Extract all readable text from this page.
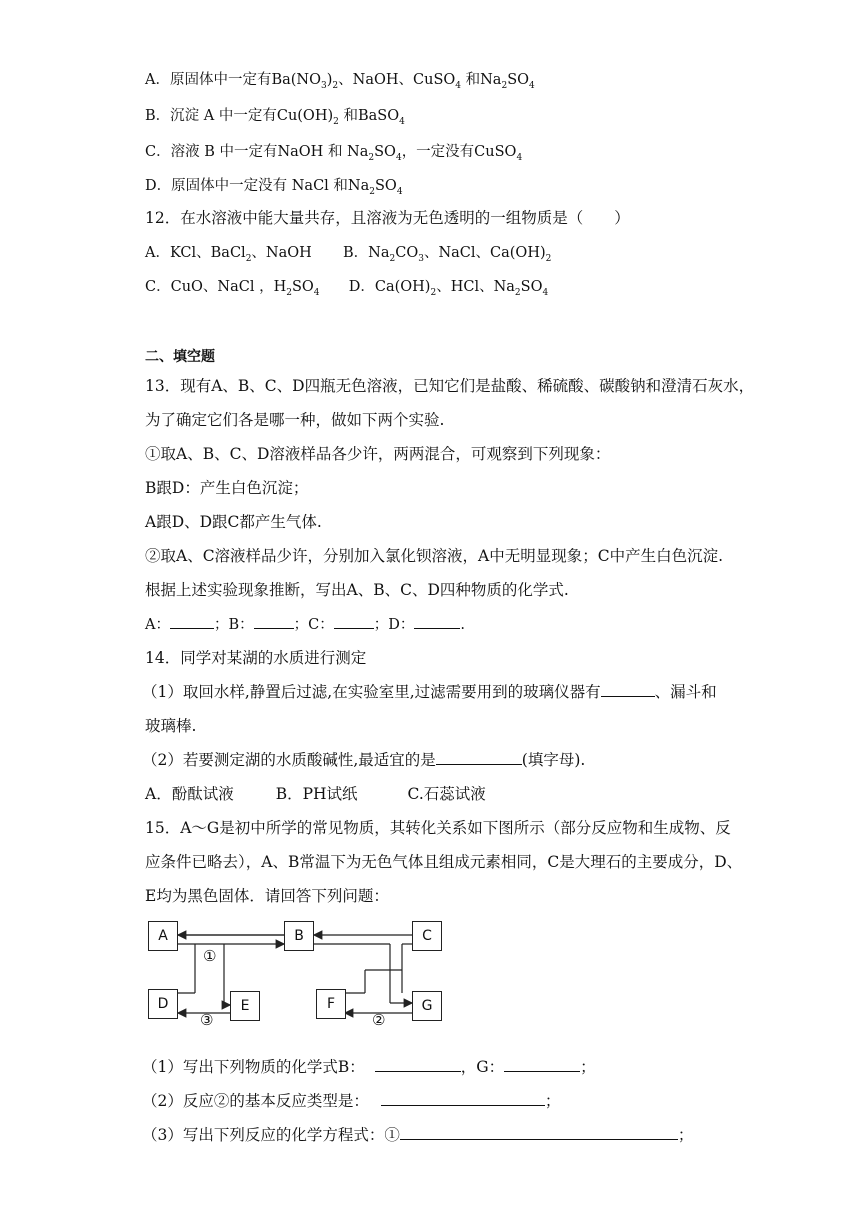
A．原固体中一定有$Ba(NO_3)_2$、NaOH、CuSO$_4$ 和$Na_2SO_4$
B．沉淀 A 中一定有$Cu(OH)_2$ 和BaSO$_4$
C．溶液 B 中一定有NaOH 和 $Na_2SO_4$，一定没有CuSO$_4$
D．原固体中一定没有 NaCl 和$Na_2SO_4$
12．在水溶液中能大量共存，且溶液为无色透明的一组物质是（　　）
A．KCl、BaCl$_2$、NaOH B．$Na_2CO_3$、NaCl、$Ca(OH)_2$
C．CuO、NaCl ，$H_2SO_4$ D．$Ca(OH)_2$、HCl、$Na_2SO_4$
二、填空题
13．现有A、B、C、D四瓶无色溶液，已知它们是盐酸、稀硫酸、碳酸钠和澄清石灰水，
为了确定它们各是哪一种，做如下两个实验.
①取A、B、C、D溶液样品各少许，两两混合，可观察到下列现象：
B跟D：产生白色沉淀；
A跟D、D跟C都产生气体.
②取A、C溶液样品少许，分别加入氯化钡溶液，A中无明显现象；C中产生白色沉淀.
根据上述实验现象推断，写出A、B、C、D四种物质的化学式.
A：	；B：	；C：	；D：	.
14．同学对某湖的水质进行测定
（1）取回水样,静置后过滤,在实验室里,过滤需要用到的玻璃仪器有	、漏斗和
玻璃棒.
（2）若要测定湖的水质酸碱性,最适宜的是	(填字母).
A．酚酞试液	B．PH试纸	C.石蕊试液
15．A～G是初中所学的常见物质，其转化关系如下图所示（部分反应物和生成物、反
应条件已略去），A、B常温下为无色气体且组成元素相同，C是大理石的主要成分，D、
E均为黑色固体．请回答下列问题：
A	B	C
D	E	F	G
①
②
③
（1）写出下列物质的化学式B：	，G：	；
（2）反应②的基本反应类型是：	；
（3）写出下列反应的化学方程式：①	；
